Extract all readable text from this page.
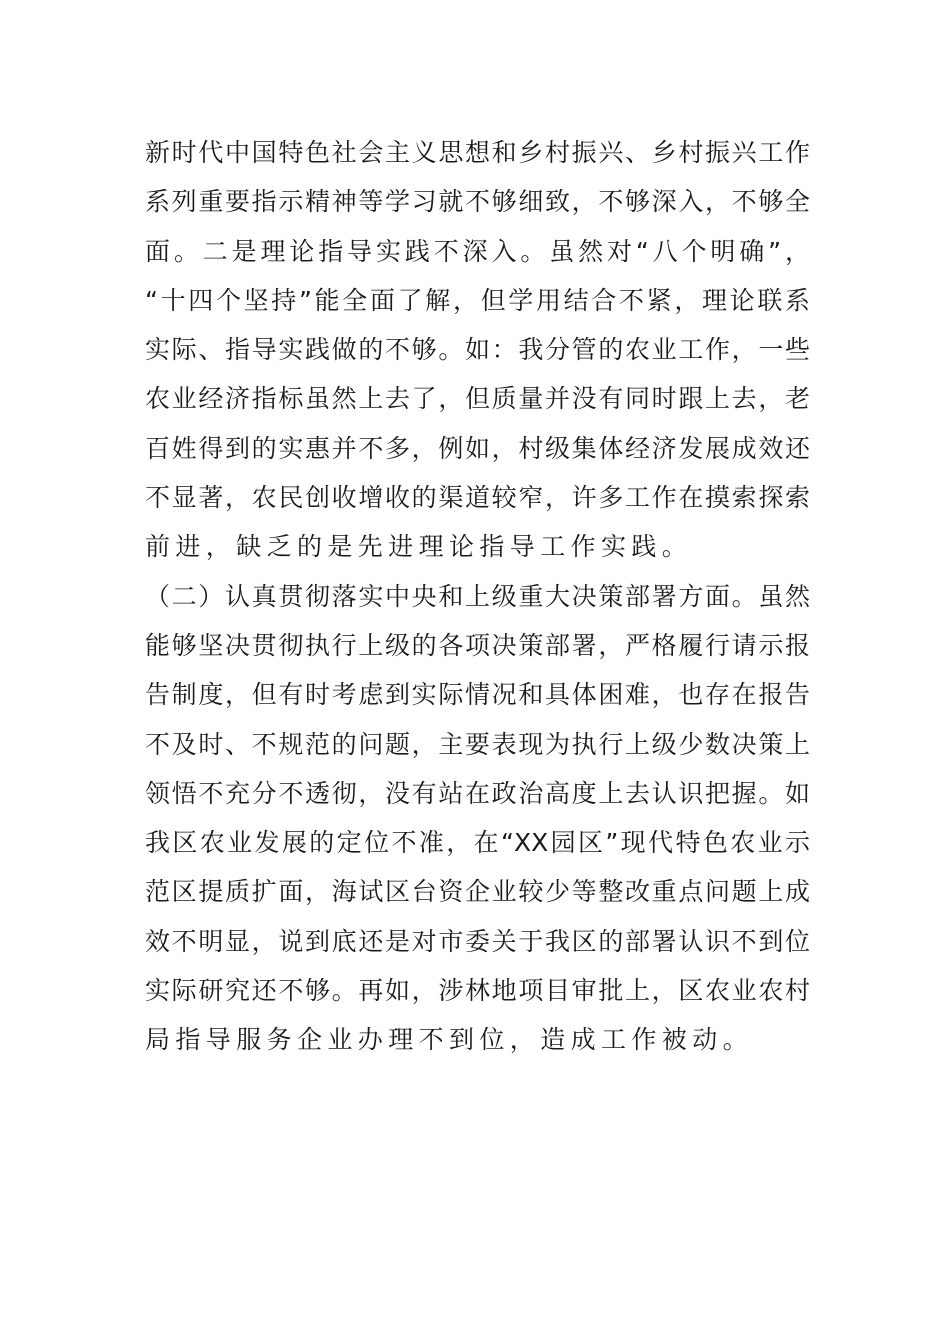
新时代中国特色社会主义思想和乡村振兴、乡村振兴工作
系列重要指示精神等学习就不够细致，不够深入，不够全
面。二是理论指导实践不深入。虽然对“八个明确”，
“十四个坚持”能全面了解，但学用结合不紧，理论联系
实际、指导实践做的不够。如：我分管的农业工作，一些
农业经济指标虽然上去了，但质量并没有同时跟上去，老
百姓得到的实惠并不多，例如，村级集体经济发展成效还
不显著，农民创收增收的渠道较窄，许多工作在摸索探索
前进，缺乏的是先进理论指导工作实践。
（二）认真贯彻落实中央和上级重大决策部署方面。虽然
能够坚决贯彻执行上级的各项决策部署，严格履行请示报
告制度，但有时考虑到实际情况和具体困难，也存在报告
不及时、不规范的问题，主要表现为执行上级少数决策上
领悟不充分不透彻，没有站在政治高度上去认识把握。如
我区农业发展的定位不准，在“XX园区”现代特色农业示
范区提质扩面，海试区台资企业较少等整改重点问题上成
效不明显，说到底还是对市委关于我区的部署认识不到位
实际研究还不够。再如，涉林地项目审批上，区农业农村
局指导服务企业办理不到位，造成工作被动。
